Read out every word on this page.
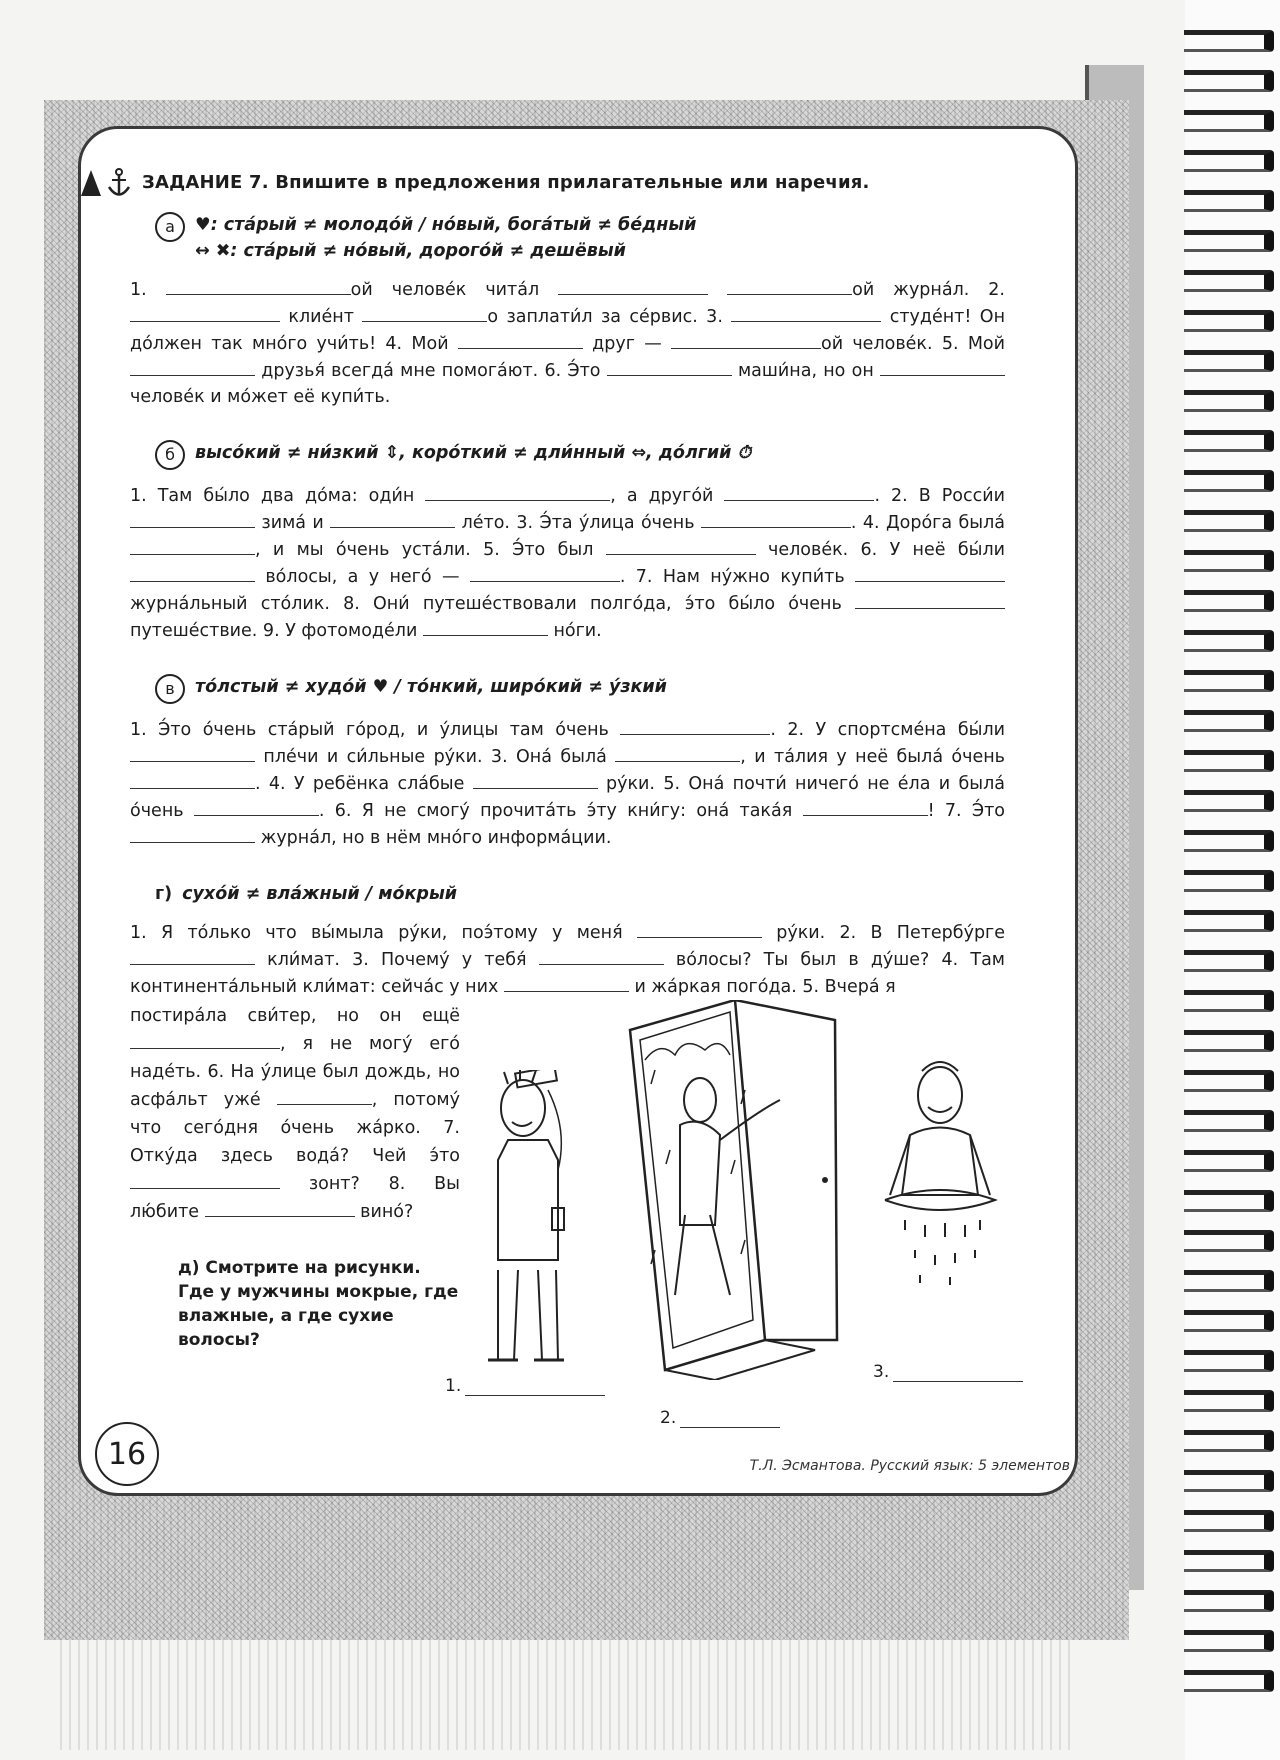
ЗАДАНИЕ 7. Впишите в предложения прилагательные или наречия.
а	♥: ста́рый ≠ молодо́й / но́вый, бога́тый ≠ бе́дный
↔ ✖: ста́рый ≠ но́вый, дорого́й ≠ дешёвый

1.	ой челове́к чита́л	ой журна́л. 2.  клие́нт	о заплати́л за се́рвис. 3.	студе́нт! Он до́лжен так мно́го учи́ть! 4. Мой	друг —	ой челове́к. 5. Мой  друзья́ всегда́ мне помога́ют. 6. Э́то	маши́на, но он  челове́к и мо́жет её купи́ть.

б	высо́кий ≠ ни́зкий ⇕, коро́ткий ≠ дли́нный ⇔, до́лгий ⏱

1. Там бы́ло два до́ма: оди́н	, а друго́й	. 2. В Росси́и  зима́ и	ле́то. 3. Э́та у́лица о́чень	. 4. Доро́га была́ , и мы о́чень уста́ли. 5. Э́то был	челове́к. 6. У неё бы́ли  во́лосы, а у него́ —	. 7. Нам ну́жно купи́ть  журна́льный сто́лик. 8. Они́ путеше́ствовали полго́да, э́то бы́ло о́чень  путеше́ствие. 9. У фотомоде́ли	но́ги.

в	то́лстый ≠ худо́й ♥ / то́нкий, широ́кий ≠ у́зкий

1. Э́то о́чень ста́рый го́род, и у́лицы там о́чень	. 2. У спортсме́на бы́ли  пле́чи и си́льные ру́ки. 3. Она́ была́	, и та́лия у неё была́ о́чень . 4. У ребёнка сла́бые	ру́ки. 5. Она́ почти́ ничего́ не е́ла и была́ о́чень	. 6. Я не смогу́ прочита́ть э́ту кни́гу: она́ така́я	! 7. Э́то  журна́л, но в нём мно́го информа́ции.

г) сухо́й ≠ вла́жный / мо́крый

1. Я то́лько что вы́мыла ру́ки, поэ́тому у меня́	ру́ки. 2. В Петербу́рге  кли́мат. 3. Почему́ у тебя́	во́лосы? Ты был в ду́ше? 4. Там континента́льный кли́мат: сейча́с у них	и жа́ркая пого́да. 5. Вчера́ я

постира́ла сви́тер, но он ещё , я не могу́ его́ наде́ть. 6. На у́лице был дождь, но асфа́льт уже́	, потому́ что сего́дня о́чень жа́рко. 7. Отку́да здесь вода́? Чей э́то  зонт? 8. Вы лю́бите	вино́?

д) Смотрите на рисунки. Где у мужчины мокрые, где влажные, а где сухие волосы?
1.
2.
3.
16	Т.Л. Эсмантова. Русский язык: 5 элементов
